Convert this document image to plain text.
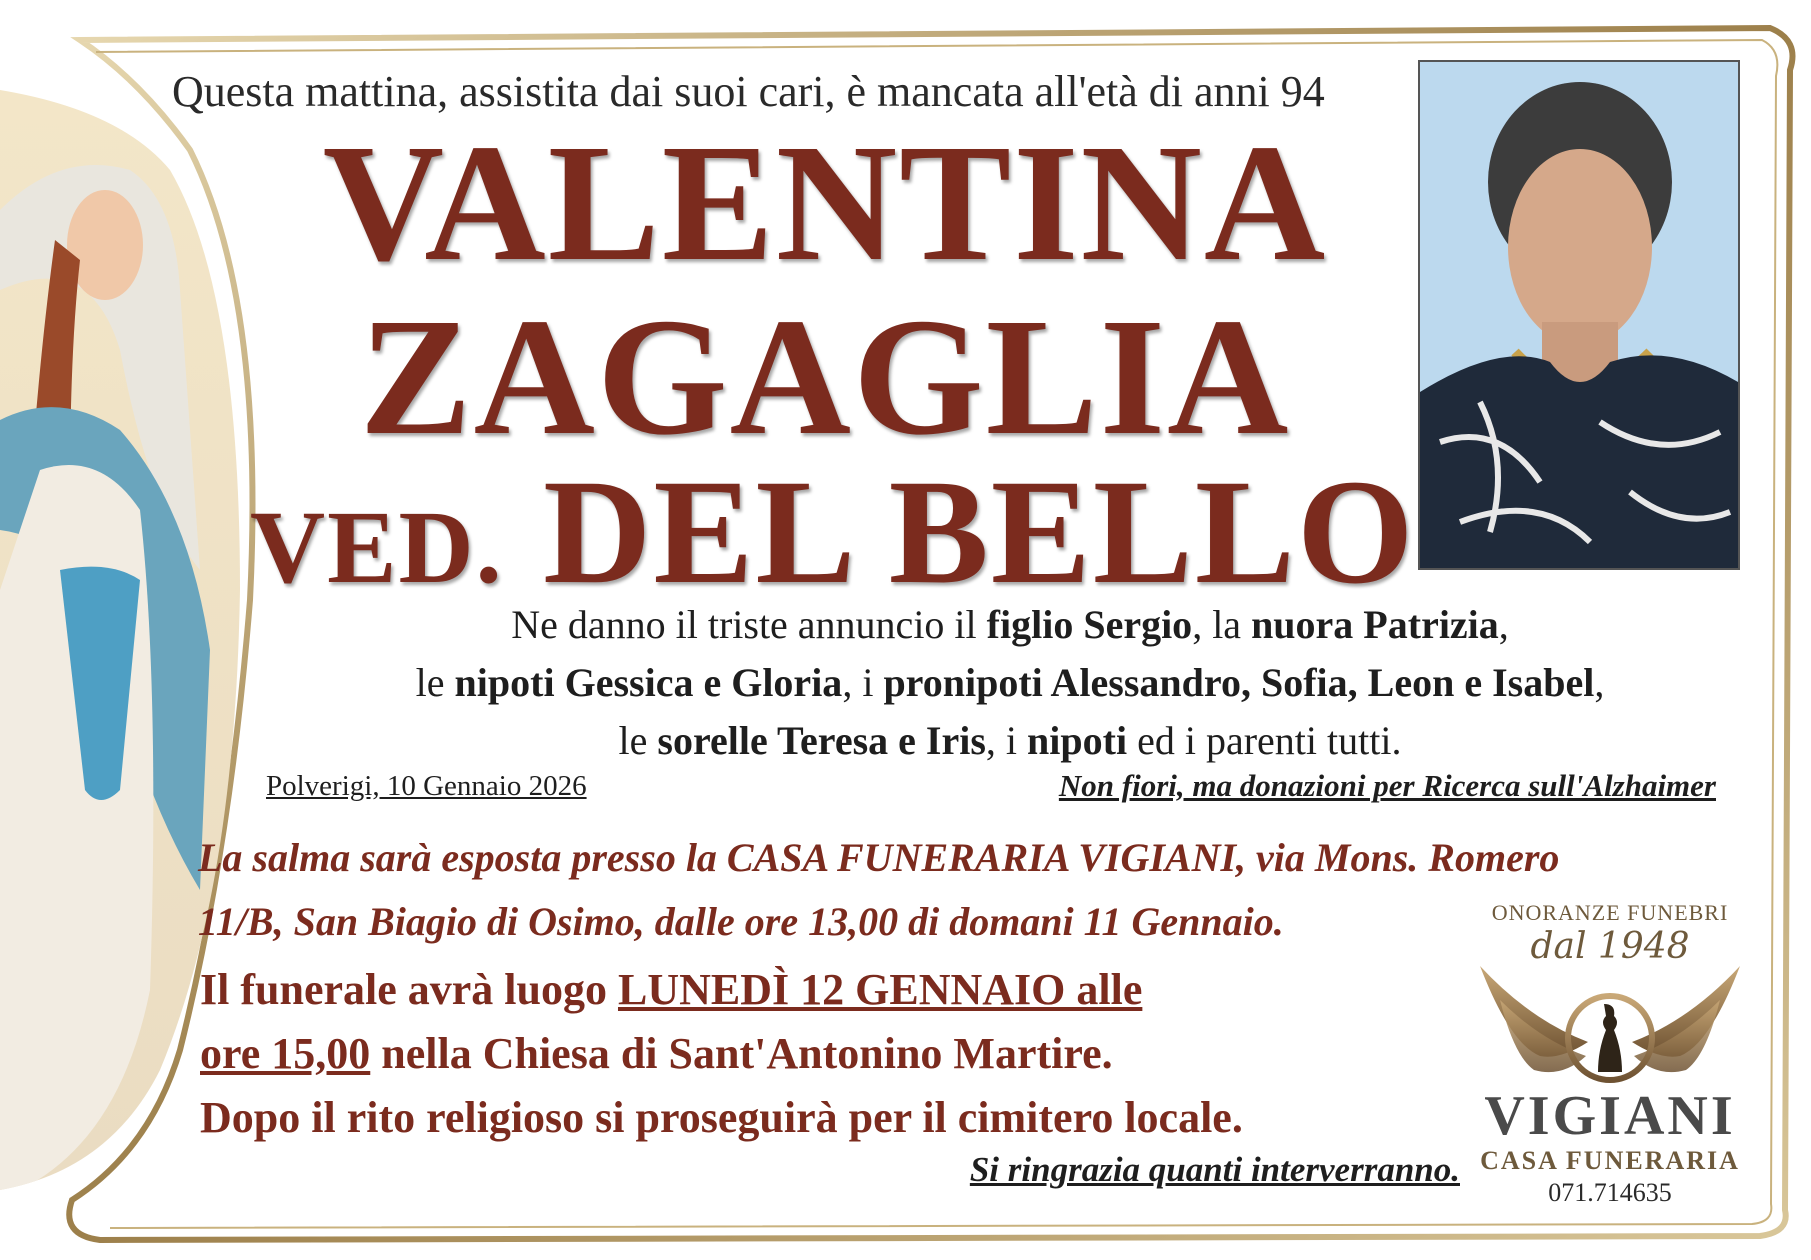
Questa mattina, assistita dai suoi cari, è mancata all'età di anni 94
VALENTINA
ZAGAGLIA
VED. DEL BELLO
Ne danno il triste annuncio il figlio Sergio, la nuora Patrizia,
le nipoti Gessica e Gloria, i pronipoti Alessandro, Sofia, Leon e Isabel,
le sorelle Teresa e Iris, i nipoti ed i parenti tutti.
Polverigi, 10 Gennaio 2026	Non fiori, ma donazioni per Ricerca sull'Alzhaimer
La salma sarà esposta presso la CASA FUNERARIA VIGIANI, via Mons. Romero
11/B, San Biagio di Osimo, dalle ore 13,00 di domani 11 Gennaio.
Il funerale avrà luogo LUNEDÌ 12 GENNAIO alle
ore 15,00 nella Chiesa di Sant'Antonino Martire.
Dopo il rito religioso si proseguirà per il cimitero locale.
Si ringrazia quanti interverranno.
ONORANZE FUNEBRI
dal 1948
VIGIANI
CASA FUNERARIA
071.714635
